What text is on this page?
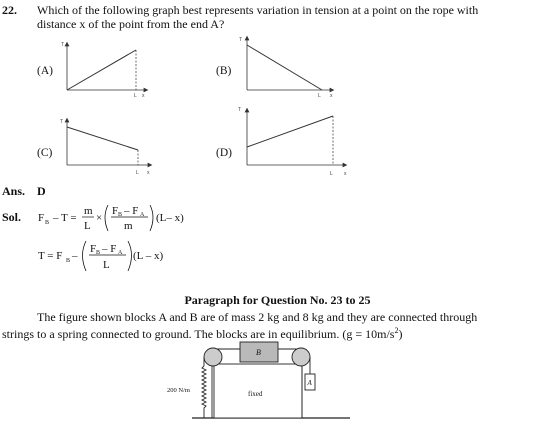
22. Which of the following graph best represents variation in tension at a point on the rope with distance x of the point from the end A?
(A)	(B)
(C)	(D)
T
L x
T
L x
T
L x
T
L x
Ans. D
Sol. F B – T =
m
L
×
F B – F A
m
(L– x)
T = F B –
F B – F A
L
(L – x)
Paragraph for Question No. 23 to 25
The figure shown blocks A and B are of mass 2 kg and 8 kg and they are connected through strings to a spring connected to ground. The blocks are in equilibrium. $(g = 10m/s^2)$
B
A
200 N/m	fixed
